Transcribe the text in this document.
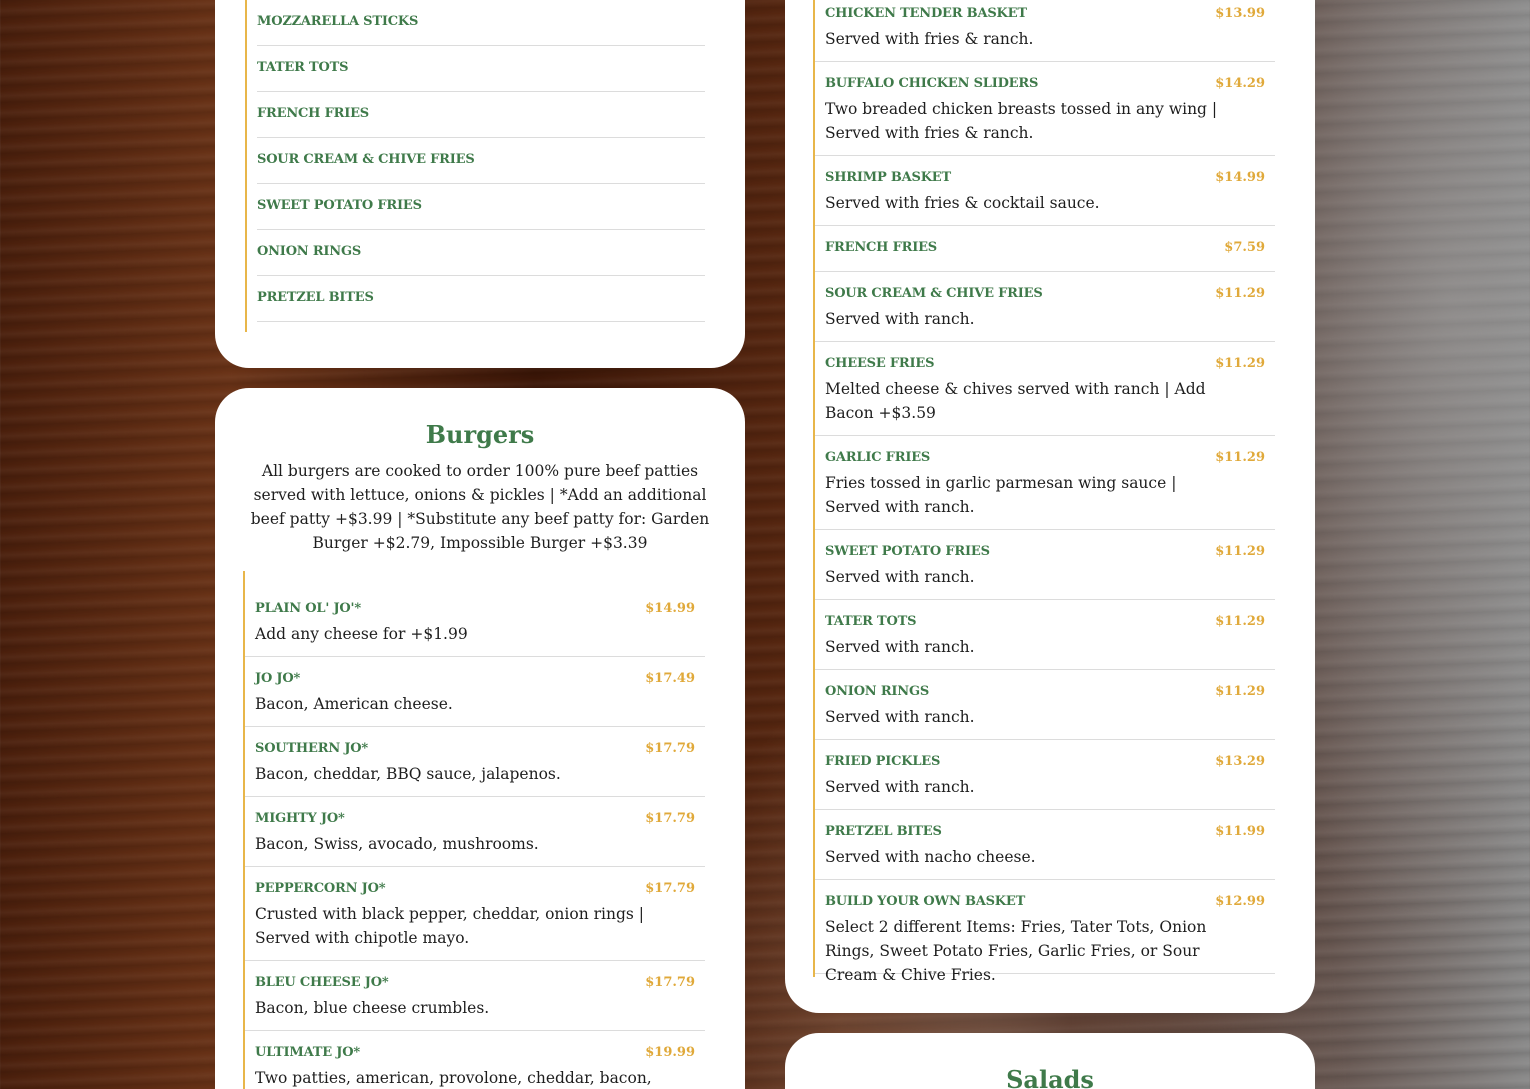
MOZZARELLA STICKS
TATER TOTS
FRENCH FRIES
SOUR CREAM & CHIVE FRIES
SWEET POTATO FRIES
ONION RINGS
PRETZEL BITES
Burgers
All burgers are cooked to order 100% pure beef patties served with lettuce, onions & pickles | *Add an additional beef patty +$3.99 | *Substitute any beef patty for: Garden Burger +$2.79, Impossible Burger +$3.39
PLAIN OL' JO'*	$14.99
Add any cheese for +$1.99
JO JO*	$17.49
Bacon, American cheese.
SOUTHERN JO*	$17.79
Bacon, cheddar, BBQ sauce, jalapenos.
MIGHTY JO*	$17.79
Bacon, Swiss, avocado, mushrooms.
PEPPERCORN JO*	$17.79
Crusted with black pepper, cheddar, onion rings | Served with chipotle mayo.
BLEU CHEESE JO*	$17.79
Bacon, blue cheese crumbles.
ULTIMATE JO*	$19.99
Two patties, american, provolone, cheddar, bacon,
CHICKEN TENDER BASKET	$13.99
Served with fries & ranch.
BUFFALO CHICKEN SLIDERS	$14.29
Two breaded chicken breasts tossed in any wing | Served with fries & ranch.
SHRIMP BASKET	$14.99
Served with fries & cocktail sauce.
FRENCH FRIES	$7.59
SOUR CREAM & CHIVE FRIES	$11.29
Served with ranch.
CHEESE FRIES	$11.29
Melted cheese & chives served with ranch | Add Bacon +$3.59
GARLIC FRIES	$11.29
Fries tossed in garlic parmesan wing sauce | Served with ranch.
SWEET POTATO FRIES	$11.29
Served with ranch.
TATER TOTS	$11.29
Served with ranch.
ONION RINGS	$11.29
Served with ranch.
FRIED PICKLES	$13.29
Served with ranch.
PRETZEL BITES	$11.99
Served with nacho cheese.
BUILD YOUR OWN BASKET	$12.99
Select 2 different Items: Fries, Tater Tots, Onion Rings, Sweet Potato Fries, Garlic Fries, or Sour Cream & Chive Fries.
Salads
